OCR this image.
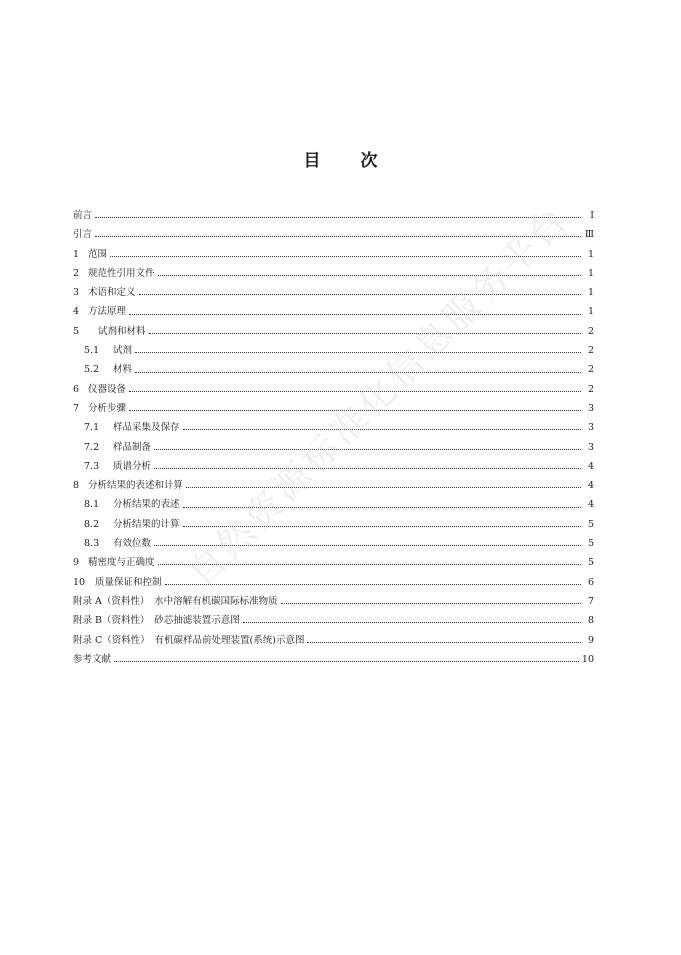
目 次
前言	Ⅰ
引言	Ⅲ
1 范围	1
2 规范性引用文件	1
3 术语和定义	1
4 方法原理	1
5	试剂和材料	2
5.1	试剂	2
5.2	材料	2
6 仪器设备	2
7 分析步骤	3
7.1	样品采集及保存	3
7.2	样品制备	3
7.3	质谱分析	4
8 分析结果的表述和计算	4
8.1	分析结果的表述	4
8.2	分析结果的计算	5
8.3	有效位数	5
9 精密度与正确度	5
10	质量保证和控制	6
附录 A（资料性）　水中溶解有机碳国际标准物质	7
附录 B（资料性）　砂芯抽滤装置示意图	8
附录 C（资料性）　有机碳样品前处理装置(系统)示意图	9
参考文献	10
自然资源标准化信息服务平台
